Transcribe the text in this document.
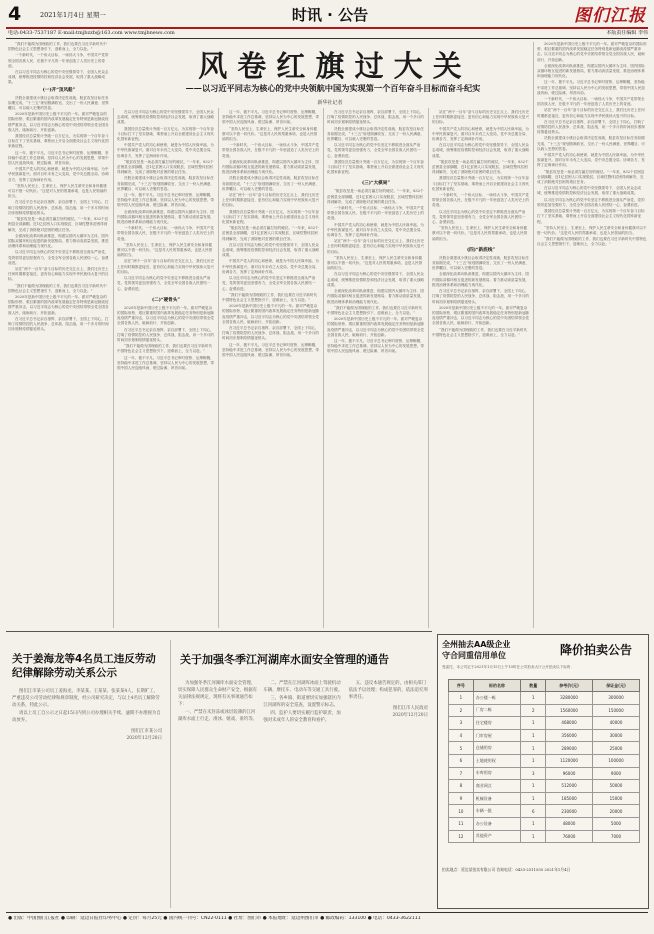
4	2021年1月4日 星期一	时讯 · 公告	图们江报
电话:0433-7537187 E-mail:tmjbzzb@163.com www.tmjbnews.com	本版责任编辑 李伟
风 卷 红 旗 过 大 关
——以习近平同志为核心的党中央领航中国为实现第一个百年奋斗目标而奋斗纪实
新华社记者
“我们不能做为国理政的工作，我们也要在习近平新时代中国特色社会主义思想指引下，迎难而上，全力以赴。”
一个新时代、一个伟大目标、一场伟大斗争，中国共产党带领全国各族人民，在极不平凡的一年里创造了人类历史上的奇迹。
在以习近平同志为核心的党中央坚强领导下，全国人民众志成城，统筹推进疫情防控和经济社会发展，取得了重大战略成果。
(一)开“顶风船”
决胜全面建成小康社会取得决定性成就，脱贫攻坚目标任务如期完成，“十三五”规划圆满收官，交出了一份人民满意、世界瞩目、可以载入史册的答卷。
2020年是新中国历史上极不平凡的一年。面对严峻复杂的国际形势、艰巨繁重的国内改革发展稳定任务特别是新冠肺炎疫情严重冲击，以习近平同志为核心的党中央团结带领全党全国各族人民，砥砺前行、开拓创新。
我国经济总量预计突破一百万亿元，为实现第一个百年奋斗目标打下了坚实基础，乘势而上开启全面建设社会主义现代化国家新征程。
这一年，极不平凡。习近平总书记审时度势、运筹帷幄，坚持稳中求进工作总基调，坚持以人民为中心的发展思想，带领中国人民迎战风雨、驶过险滩、昂首向前。
中国共产党人的初心和使命，就是为中国人民谋幸福，为中华民族谋复兴。面对百年未有之大变局，党中央总揽全局、协调各方，发挥了定海神针作用。
“坚持人民至上、生命至上，保护人民生命安全和身体健康可以不惜一切代价。”这是对人民的郑重承诺，也是人民领袖的担当。
在习近平总书记亲自指挥、亲自部署下，全国上下同心，打响了疫情防控的人民战争、总体战、阻击战，用一个多月的时间初步遏制疫情蔓延势头。
“脱贫攻坚是一场必须打赢打好的硬仗。”一年来，832个贫困县全部摘帽，近1亿贫困人口实现脱贫，区域性整体贫困得到解决，完成了消除绝对贫困的艰巨任务。
全面深化改革向纵深推进，构建以国内大循环为主体、国内国际双循环相互促进的新发展格局，着力推动高质量发展，推进治理体系和治理能力现代化。
以习近平同志为核心的党中央坚定不移推进全面从严治党，党的领导更加坚强有力，全党全军全国各族人民团结一心、奋勇前进。
站在“两个一百年”奋斗目标的历史交汇点上，我们比历史上任何时期都更接近、更有信心和能力实现中华民族伟大复兴的目标。
“我们不能做为国理政的工作，我们也要在习近平新时代中国特色社会主义思想指引下，迎难而上，全力以赴。”
2020年是新中国历史上极不平凡的一年。面对严峻复杂的国际形势、艰巨繁重的国内改革发展稳定任务特别是新冠肺炎疫情严重冲击，以习近平同志为核心的党中央团结带领全党全国各族人民，砥砺前行、开拓创新。
在习近平总书记亲自指挥、亲自部署下，全国上下同心，打响了疫情防控的人民战争、总体战、阻击战，用一个多月的时间初步遏制疫情蔓延势头。
在以习近平同志为核心的党中央坚强领导下，全国人民众志成城，统筹推进疫情防控和经济社会发展，取得了重大战略成果。
我国经济总量预计突破一百万亿元，为实现第一个百年奋斗目标打下了坚实基础，乘势而上开启全面建设社会主义现代化国家新征程。
中国共产党人的初心和使命，就是为中国人民谋幸福，为中华民族谋复兴。面对百年未有之大变局，党中央总揽全局、协调各方，发挥了定海神针作用。
“脱贫攻坚是一场必须打赢打好的硬仗。”一年来，832个贫困县全部摘帽，近1亿贫困人口实现脱贫，区域性整体贫困得到解决，完成了消除绝对贫困的艰巨任务。
决胜全面建成小康社会取得决定性成就，脱贫攻坚目标任务如期完成，“十三五”规划圆满收官，交出了一份人民满意、世界瞩目、可以载入史册的答卷。
这一年，极不平凡。习近平总书记审时度势、运筹帷幄，坚持稳中求进工作总基调，坚持以人民为中心的发展思想，带领中国人民迎战风雨、驶过险滩、昂首向前。
全面深化改革向纵深推进，构建以国内大循环为主体、国内国际双循环相互促进的新发展格局，着力推动高质量发展，推进治理体系和治理能力现代化。
一个新时代、一个伟大目标、一场伟大斗争，中国共产党带领全国各族人民，在极不平凡的一年里创造了人类历史上的奇迹。
“坚持人民至上、生命至上，保护人民生命安全和身体健康可以不惜一切代价。”这是对人民的郑重承诺，也是人民领袖的担当。
站在“两个一百年”奋斗目标的历史交汇点上，我们比历史上任何时期都更接近、更有信心和能力实现中华民族伟大复兴的目标。
以习近平同志为核心的党中央坚定不移推进全面从严治党，党的领导更加坚强有力，全党全军全国各族人民团结一心、奋勇前进。
(二)“硬骨头”
2020年是新中国历史上极不平凡的一年。面对严峻复杂的国际形势、艰巨繁重的国内改革发展稳定任务特别是新冠肺炎疫情严重冲击，以习近平同志为核心的党中央团结带领全党全国各族人民，砥砺前行、开拓创新。
在习近平总书记亲自指挥、亲自部署下，全国上下同心，打响了疫情防控的人民战争、总体战、阻击战，用一个多月的时间初步遏制疫情蔓延势头。
“我们不能做为国理政的工作，我们也要在习近平新时代中国特色社会主义思想指引下，迎难而上，全力以赴。”
这一年，极不平凡。习近平总书记审时度势、运筹帷幄，坚持稳中求进工作总基调，坚持以人民为中心的发展思想，带领中国人民迎战风雨、驶过险滩、昂首向前。
这一年，极不平凡。习近平总书记审时度势、运筹帷幄，坚持稳中求进工作总基调，坚持以人民为中心的发展思想，带领中国人民迎战风雨、驶过险滩、昂首向前。
“坚持人民至上、生命至上，保护人民生命安全和身体健康可以不惜一切代价。”这是对人民的郑重承诺，也是人民领袖的担当。
一个新时代、一个伟大目标、一场伟大斗争，中国共产党带领全国各族人民，在极不平凡的一年里创造了人类历史上的奇迹。
全面深化改革向纵深推进，构建以国内大循环为主体、国内国际双循环相互促进的新发展格局，着力推动高质量发展，推进治理体系和治理能力现代化。
决胜全面建成小康社会取得决定性成就，脱贫攻坚目标任务如期完成，“十三五”规划圆满收官，交出了一份人民满意、世界瞩目、可以载入史册的答卷。
站在“两个一百年”奋斗目标的历史交汇点上，我们比历史上任何时期都更接近、更有信心和能力实现中华民族伟大复兴的目标。
我国经济总量预计突破一百万亿元，为实现第一个百年奋斗目标打下了坚实基础，乘势而上开启全面建设社会主义现代化国家新征程。
“脱贫攻坚是一场必须打赢打好的硬仗。”一年来，832个贫困县全部摘帽，近1亿贫困人口实现脱贫，区域性整体贫困得到解决，完成了消除绝对贫困的艰巨任务。
在以习近平同志为核心的党中央坚强领导下，全国人民众志成城，统筹推进疫情防控和经济社会发展，取得了重大战略成果。
中国共产党人的初心和使命，就是为中国人民谋幸福，为中华民族谋复兴。面对百年未有之大变局，党中央总揽全局、协调各方，发挥了定海神针作用。
以习近平同志为核心的党中央坚定不移推进全面从严治党，党的领导更加坚强有力，全党全军全国各族人民团结一心、奋勇前进。
“我们不能做为国理政的工作，我们也要在习近平新时代中国特色社会主义思想指引下，迎难而上，全力以赴。”
2020年是新中国历史上极不平凡的一年。面对严峻复杂的国际形势、艰巨繁重的国内改革发展稳定任务特别是新冠肺炎疫情严重冲击，以习近平同志为核心的党中央团结带领全党全国各族人民，砥砺前行、开拓创新。
在习近平总书记亲自指挥、亲自部署下，全国上下同心，打响了疫情防控的人民战争、总体战、阻击战，用一个多月的时间初步遏制疫情蔓延势头。
这一年，极不平凡。习近平总书记审时度势、运筹帷幄，坚持稳中求进工作总基调，坚持以人民为中心的发展思想，带领中国人民迎战风雨、驶过险滩、昂首向前。
在习近平总书记亲自指挥、亲自部署下，全国上下同心，打响了疫情防控的人民战争、总体战、阻击战，用一个多月的时间初步遏制疫情蔓延势头。
决胜全面建成小康社会取得决定性成就，脱贫攻坚目标任务如期完成，“十三五”规划圆满收官，交出了一份人民满意、世界瞩目、可以载入史册的答卷。
以习近平同志为核心的党中央坚定不移推进全面从严治党，党的领导更加坚强有力，全党全军全国各族人民团结一心、奋勇前进。
我国经济总量预计突破一百万亿元，为实现第一个百年奋斗目标打下了坚实基础，乘势而上开启全面建设社会主义现代化国家新征程。
(三)“大棋局”
“脱贫攻坚是一场必须打赢打好的硬仗。”一年来，832个贫困县全部摘帽，近1亿贫困人口实现脱贫，区域性整体贫困得到解决，完成了消除绝对贫困的艰巨任务。
一个新时代、一个伟大目标、一场伟大斗争，中国共产党带领全国各族人民，在极不平凡的一年里创造了人类历史上的奇迹。
中国共产党人的初心和使命，就是为中国人民谋幸福，为中华民族谋复兴。面对百年未有之大变局，党中央总揽全局、协调各方，发挥了定海神针作用。
站在“两个一百年”奋斗目标的历史交汇点上，我们比历史上任何时期都更接近、更有信心和能力实现中华民族伟大复兴的目标。
“坚持人民至上、生命至上，保护人民生命安全和身体健康可以不惜一切代价。”这是对人民的郑重承诺，也是人民领袖的担当。
在以习近平同志为核心的党中央坚强领导下，全国人民众志成城，统筹推进疫情防控和经济社会发展，取得了重大战略成果。
全面深化改革向纵深推进，构建以国内大循环为主体、国内国际双循环相互促进的新发展格局，着力推动高质量发展，推进治理体系和治理能力现代化。
“我们不能做为国理政的工作，我们也要在习近平新时代中国特色社会主义思想指引下，迎难而上，全力以赴。”
2020年是新中国历史上极不平凡的一年。面对严峻复杂的国际形势、艰巨繁重的国内改革发展稳定任务特别是新冠肺炎疫情严重冲击，以习近平同志为核心的党中央团结带领全党全国各族人民，砥砺前行、开拓创新。
这一年，极不平凡。习近平总书记审时度势、运筹帷幄，坚持稳中求进工作总基调，坚持以人民为中心的发展思想，带领中国人民迎战风雨、驶过险滩、昂首向前。
站在“两个一百年”奋斗目标的历史交汇点上，我们比历史上任何时期都更接近、更有信心和能力实现中华民族伟大复兴的目标。
中国共产党人的初心和使命，就是为中国人民谋幸福，为中华民族谋复兴。面对百年未有之大变局，党中央总揽全局、协调各方，发挥了定海神针作用。
在以习近平同志为核心的党中央坚强领导下，全国人民众志成城，统筹推进疫情防控和经济社会发展，取得了重大战略成果。
“脱贫攻坚是一场必须打赢打好的硬仗。”一年来，832个贫困县全部摘帽，近1亿贫困人口实现脱贫，区域性整体贫困得到解决，完成了消除绝对贫困的艰巨任务。
我国经济总量预计突破一百万亿元，为实现第一个百年奋斗目标打下了坚实基础，乘势而上开启全面建设社会主义现代化国家新征程。
一个新时代、一个伟大目标、一场伟大斗争，中国共产党带领全国各族人民，在极不平凡的一年里创造了人类历史上的奇迹。
以习近平同志为核心的党中央坚定不移推进全面从严治党，党的领导更加坚强有力，全党全军全国各族人民团结一心、奋勇前进。
“坚持人民至上、生命至上，保护人民生命安全和身体健康可以不惜一切代价。”这是对人民的郑重承诺，也是人民领袖的担当。
(四)“新底线”
决胜全面建成小康社会取得决定性成就，脱贫攻坚目标任务如期完成，“十三五”规划圆满收官，交出了一份人民满意、世界瞩目、可以载入史册的答卷。
全面深化改革向纵深推进，构建以国内大循环为主体、国内国际双循环相互促进的新发展格局，着力推动高质量发展，推进治理体系和治理能力现代化。
在习近平总书记亲自指挥、亲自部署下，全国上下同心，打响了疫情防控的人民战争、总体战、阻击战，用一个多月的时间初步遏制疫情蔓延势头。
2020年是新中国历史上极不平凡的一年。面对严峻复杂的国际形势、艰巨繁重的国内改革发展稳定任务特别是新冠肺炎疫情严重冲击，以习近平同志为核心的党中央团结带领全党全国各族人民，砥砺前行、开拓创新。
“我们不能做为国理政的工作，我们也要在习近平新时代中国特色社会主义思想指引下，迎难而上，全力以赴。”
2020年是新中国历史上极不平凡的一年。面对严峻复杂的国际形势、艰巨繁重的国内改革发展稳定任务特别是新冠肺炎疫情严重冲击，以习近平同志为核心的党中央团结带领全党全国各族人民，砥砺前行、开拓创新。
全面深化改革向纵深推进，构建以国内大循环为主体、国内国际双循环相互促进的新发展格局，着力推动高质量发展，推进治理体系和治理能力现代化。
这一年，极不平凡。习近平总书记审时度势、运筹帷幄，坚持稳中求进工作总基调，坚持以人民为中心的发展思想，带领中国人民迎战风雨、驶过险滩、昂首向前。
一个新时代、一个伟大目标、一场伟大斗争，中国共产党带领全国各族人民，在极不平凡的一年里创造了人类历史上的奇迹。
站在“两个一百年”奋斗目标的历史交汇点上，我们比历史上任何时期都更接近、更有信心和能力实现中华民族伟大复兴的目标。
在习近平总书记亲自指挥、亲自部署下，全国上下同心，打响了疫情防控的人民战争、总体战、阻击战，用一个多月的时间初步遏制疫情蔓延势头。
决胜全面建成小康社会取得决定性成就，脱贫攻坚目标任务如期完成，“十三五”规划圆满收官，交出了一份人民满意、世界瞩目、可以载入史册的答卷。
中国共产党人的初心和使命，就是为中国人民谋幸福，为中华民族谋复兴。面对百年未有之大变局，党中央总揽全局、协调各方，发挥了定海神针作用。
“脱贫攻坚是一场必须打赢打好的硬仗。”一年来，832个贫困县全部摘帽，近1亿贫困人口实现脱贫，区域性整体贫困得到解决，完成了消除绝对贫困的艰巨任务。
在以习近平同志为核心的党中央坚强领导下，全国人民众志成城，统筹推进疫情防控和经济社会发展，取得了重大战略成果。
以习近平同志为核心的党中央坚定不移推进全面从严治党，党的领导更加坚强有力，全党全军全国各族人民团结一心、奋勇前进。
我国经济总量预计突破一百万亿元，为实现第一个百年奋斗目标打下了坚实基础，乘势而上开启全面建设社会主义现代化国家新征程。
“坚持人民至上、生命至上，保护人民生命安全和身体健康可以不惜一切代价。”这是对人民的郑重承诺，也是人民领袖的担当。
“我们不能做为国理政的工作，我们也要在习近平新时代中国特色社会主义思想指引下，迎难而上，全力以赴。”
全州抽去AA级企业
守合同重信用单位	降价拍卖公告
受委托，本公司定于2021年1月15日上午10时在公司拍卖大厅公开拍卖以下标的：
序号	标的名称	数量	参考价(元)	保证金(元)
1	办公楼一栋	1	3280000	300000
2	厂房二栋	2	1560000	150000
3	住宅楼房	1	468000	40000
4	门市房屋	1	356000	30000
5	仓储用房	1	289000	25000
6	土地使用权	1	1120000	100000
7	车库用房	3	96000	9000
8	商业网点	1	512000	50000
9	机械设备	1	185000	15000
10	车辆一批	6	230000	20000
11	办公设备	1	48000	5000
12	其他资产	1	76000	7000
拍卖地点：延边某拍卖有限公司 咨询电话：0433-2511555 2021年1月4日
关于姜海龙等4名员工违反劳动纪律解除劳动关系公示
图们江市某公司员工姜海龙、李某某、王某某、张某某4人，长期旷工，严重违反公司劳动纪律和规章制度，经公司研究决定，与以上4名员工解除劳动关系，特此公示。
请以上员工自公示之日起15日内到公司办理相关手续，逾期不办理视为自动放弃。
图们江市某公司
2020年12月28日
关于加强冬季江河湖库水面安全管理的通告
为加强冬季江河湖库水面安全管理，切实保障人民群众生命财产安全，根据有关法律法规规定，现将有关事项通告如下：
一、严禁在未封冻或冰层较薄的江河湖库水面上行走、滑冰、嬉戏、垂钓等。
二、严禁在江河湖库冰面上驾驶机动车辆、摩托车、电动车等交通工具行驶。
三、各乡镇、街道要切实加强辖区内江河湖库的安全巡查，设置警示标志。
四、监护人要切实履行监护职责，加强对未成年人的安全教育和看护。
五、违反本通告规定的，由相关部门依法予以处理；构成犯罪的，依法追究刑事责任。
图们江市人民政府
2020年12月20日
● 出版：中国图们江报社 ● 印刷：延边日报社印务中心 ● 定价：每月25元 ● 国内统一刊号：CN22-0111 ● 社址：图们市 ● 本报地址：延边州图们市 ● 邮政编码：133100 ● 电话：0433-3622111
